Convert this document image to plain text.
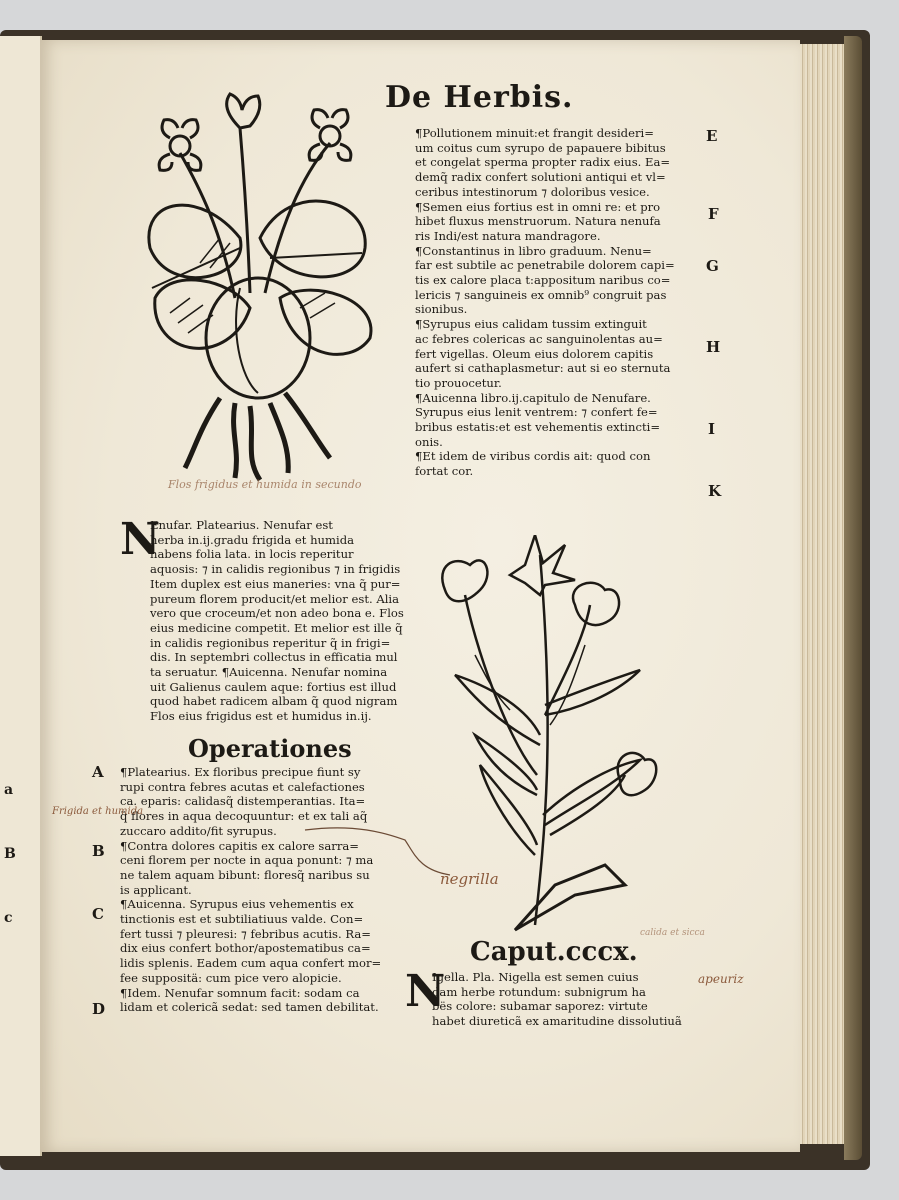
a
B
c
De Herbis.
Flos frigidus et humida in secundo
¶Pollutionem minuit:et frangit desideri=
um coitus cum syrupo de papauere bibitus
et congelat sperma propter radix eius. Ea=
demq̃ radix confert solutioni antiqui et vl=
ceribus intestinorum ⁊ doloribus vesice.
¶Semen eius fortius est in omni re: et pro
hibet fluxus menstruorum. Natura nenufa
ris Indi/est natura mandragore.
¶Constantinus in libro graduum. Nenu=
far est subtile ac penetrabile dolorem capi=
tis ex calore placa t:appositum naribus co=
lericis ⁊ sanguineis ex omnib⁹ congruit pas
sionibus.
¶Syrupus eius calidam tussim extinguit
ac febres colericas ac sanguinolentas au=
fert vigellas. Oleum eius dolorem capitis
aufert si cathaplasmetur: aut si eo sternuta
tio prouocetur.
¶Auicenna libro.ij.capitulo de Nenufare.
Syrupus eius lenit ventrem: ⁊ confert fe=
bribus estatis:et est vehementis extincti=
onis.
¶Et idem de viribus cordis ait: quod con
fortat cor.
E
F
G
H
I
K
N
Enufar. Platearius. Nenufar est
herba in.ij.gradu frigida et humida
habens folia lata. in locis reperitur
aquosis: ⁊ in calidis regionibus ⁊ in frigidis
Item duplex est eius maneries: vna q̃ pur=
pureum florem producit/et melior est. Alia
vero que croceum/et non adeo bona e. Flos
eius medicine competit. Et melior est ille q̃
in calidis regionibus reperitur q̃ in frigi=
dis. In septembri collectus in efficatia mul
ta seruatur. ¶Auicenna. Nenufar nomina
uit Galienus caulem aque: fortius est illud
quod habet radicem albam q̃ quod nigram
Flos eius frigidus est et humidus in.ij.
Operationes
¶Platearius. Ex floribus precipue fiunt sy
rupi contra febres acutas et calefactiones
ca. eparis: calidasq̃ distemperantias. Ita=
q̃ flores in aqua decoquuntur: et ex tali aq̃
zuccaro addito/fit syrupus.
¶Contra dolores capitis ex calore sarra=
ceni florem per nocte in aqua ponunt: ⁊ ma
ne talem aquam bibunt: floresq̃ naribus su
is applicant.
¶Auicenna. Syrupus eius vehementis ex
tinctionis est et subtiliatiuus valde. Con=
fert tussi ⁊ pleuresi: ⁊ febribus acutis. Ra=
dix eius confert bothor/apostematibus ca=
lidis splenis. Eadem cum aqua confert mor=
fee suppositä: cum pice vero alopicie.
¶Idem. Nenufar somnum facit: sodam ca
lidam et colericã sedat: sed tamen debilitat.
A
B
C
D
Frigida et humida
negrilla
calida et sicca
apeuriz
Caput.cccx.
N
Igella. Pla. Nigella est semen cuius
dam herbe rotundum: subnigrum ha
bës colore: subamar saporez: virtute
habet diureticã ex amaritudine dissolutiuã
